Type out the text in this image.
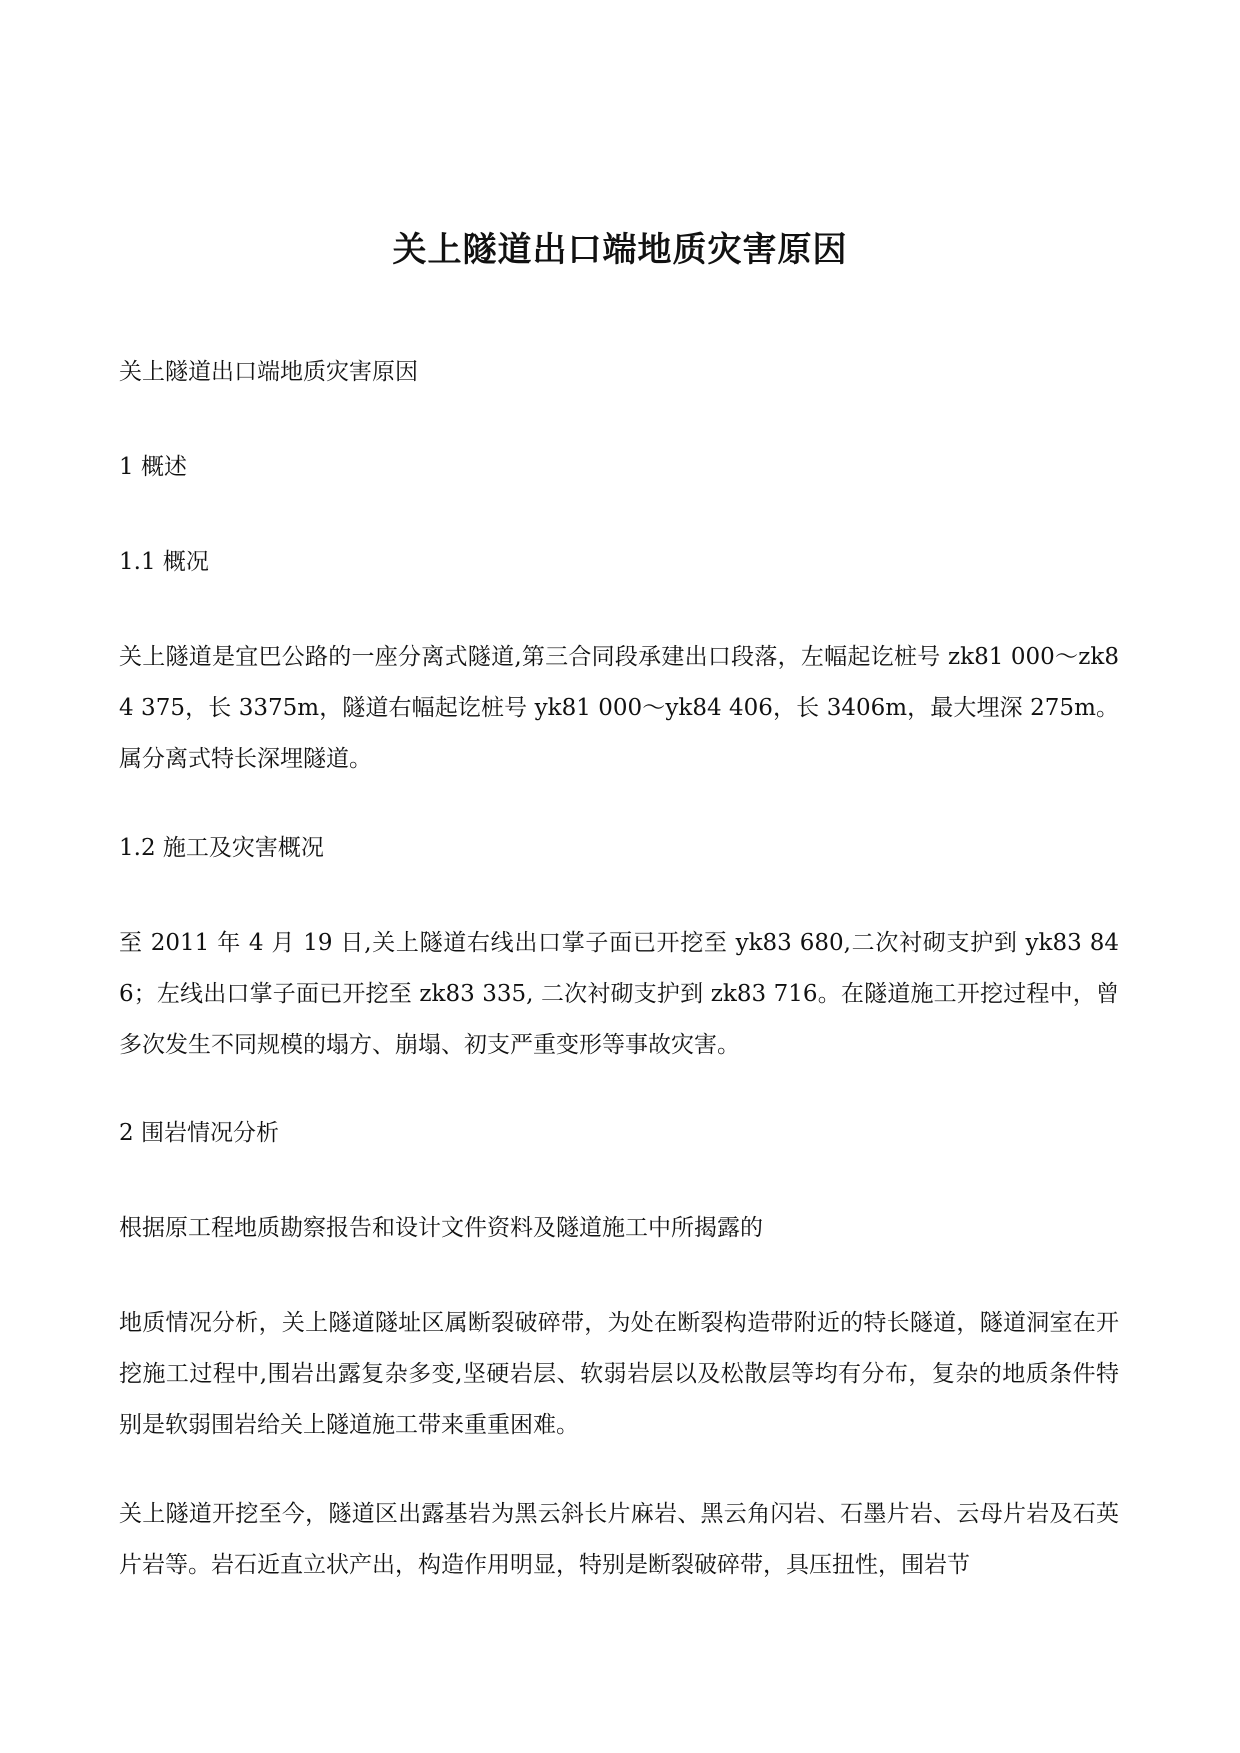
关上隧道出口端地质灾害原因

关上隧道出口端地质灾害原因

1 概述

1.1 概况

关上隧道是宜巴公路的一座分离式隧道,第三合同段承建出口段落，左幅起讫桩号 zk81 000～zk84 375，长 3375m，隧道右幅起讫桩号 yk81 000～yk84 406，长 3406m，最大埋深 275m。属分离式特长深埋隧道。

1.2 施工及灾害概况

至 2011 年 4 月 19 日,关上隧道右线出口掌子面已开挖至 yk83 680,二次衬砌支护到 yk83 846；左线出口掌子面已开挖至 zk83 335, 二次衬砌支护到 zk83 716。在隧道施工开挖过程中，曾多次发生不同规模的塌方、崩塌、初支严重变形等事故灾害。

2 围岩情况分析

根据原工程地质勘察报告和设计文件资料及隧道施工中所揭露的

地质情况分析，关上隧道隧址区属断裂破碎带，为处在断裂构造带附近的特长隧道，隧道洞室在开挖施工过程中,围岩出露复杂多变,坚硬岩层、软弱岩层以及松散层等均有分布，复杂的地质条件特别是软弱围岩给关上隧道施工带来重重困难。

关上隧道开挖至今，隧道区出露基岩为黑云斜长片麻岩、黑云角闪岩、石墨片岩、云母片岩及石英片岩等。岩石近直立状产出，构造作用明显，特别是断裂破碎带，具压扭性，围岩节
